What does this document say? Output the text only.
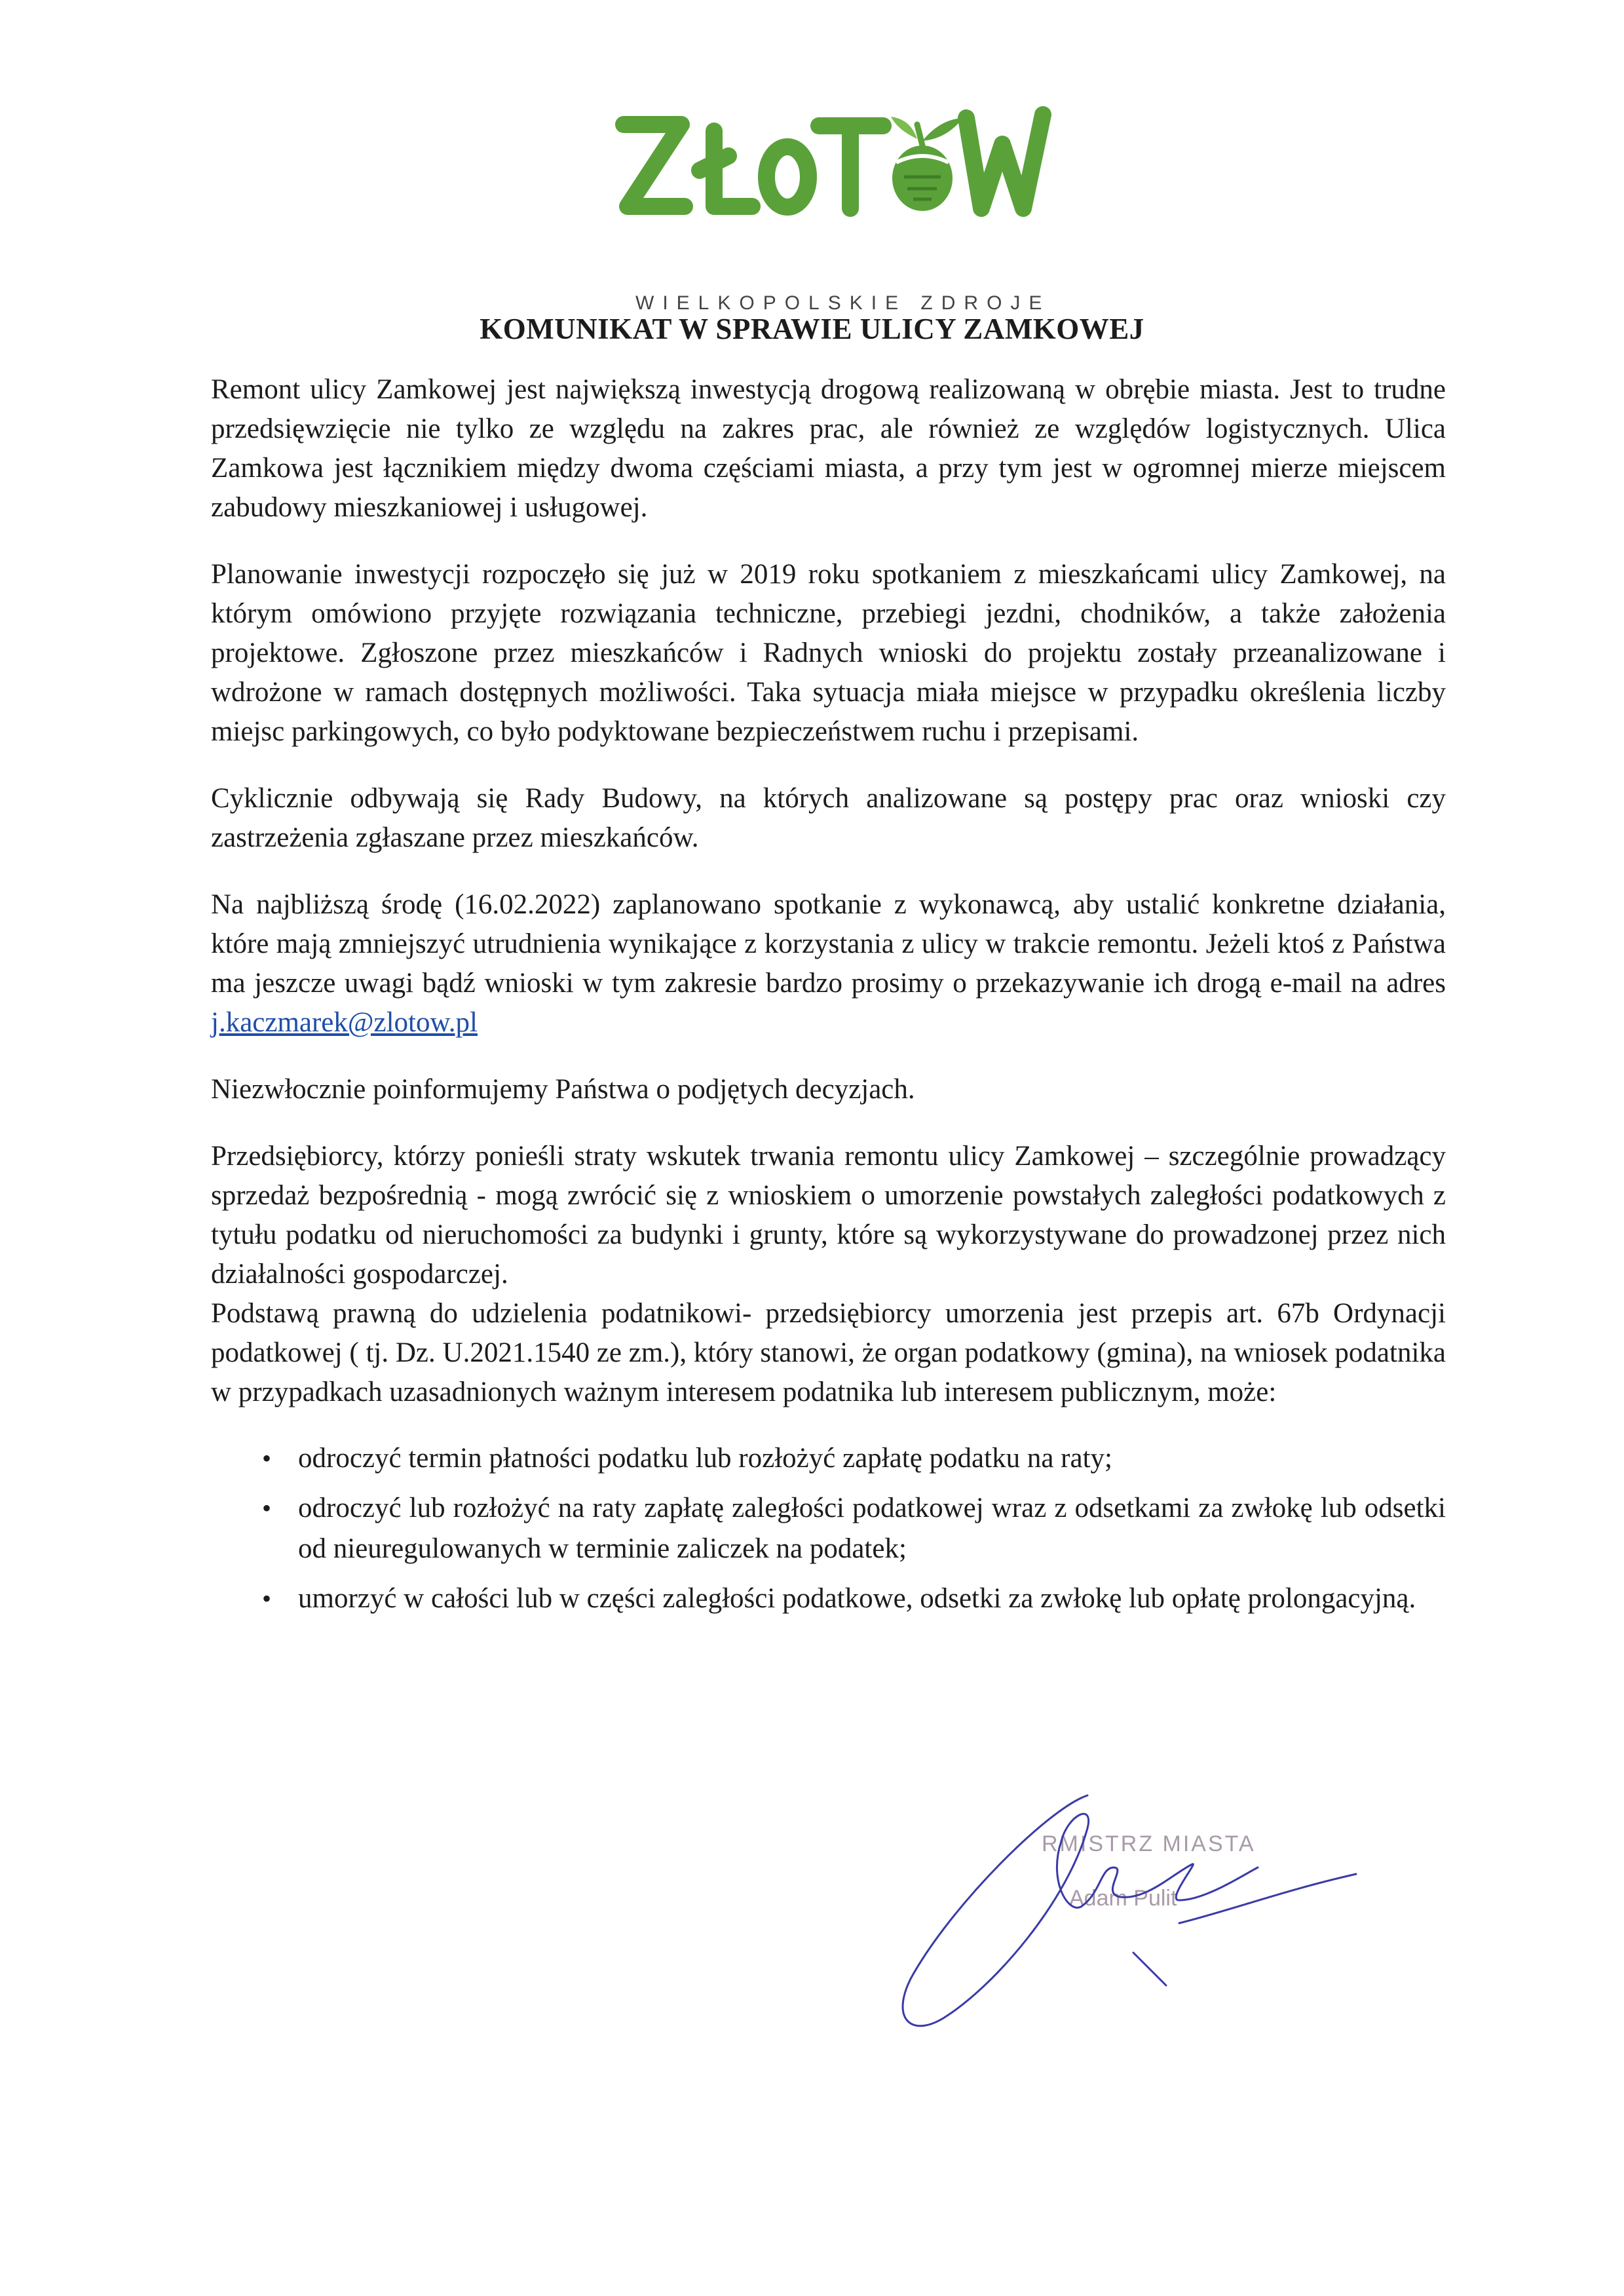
WIELKOPOLSKIE ZDROJE
KOMUNIKAT W SPRAWIE ULICY ZAMKOWEJ

Remont ulicy Zamkowej jest największą inwestycją drogową realizowaną w obrębie miasta. Jest to trudne przedsięwzięcie nie tylko ze względu na zakres prac, ale również ze względów logistycznych. Ulica Zamkowa jest łącznikiem między dwoma częściami miasta, a przy tym jest w ogromnej mierze miejscem zabudowy mieszkaniowej i usługowej.

Planowanie inwestycji rozpoczęło się już w 2019 roku spotkaniem z mieszkańcami ulicy Zamkowej, na którym omówiono przyjęte rozwiązania techniczne, przebiegi jezdni, chodników, a także założenia projektowe. Zgłoszone przez mieszkańców i Radnych wnioski do projektu zostały przeanalizowane i wdrożone w ramach dostępnych możliwości. Taka sytuacja miała miejsce w przypadku określenia liczby miejsc parkingowych, co było podyktowane bezpieczeństwem ruchu i przepisami.

Cyklicznie odbywają się Rady Budowy, na których analizowane są postępy prac oraz wnioski czy zastrzeżenia zgłaszane przez mieszkańców.

Na najbliższą środę (16.02.2022) zaplanowano spotkanie z wykonawcą, aby ustalić konkretne działania, które mają zmniejszyć utrudnienia wynikające z korzystania z ulicy w trakcie remontu. Jeżeli ktoś z Państwa ma jeszcze uwagi bądź wnioski w tym zakresie bardzo prosimy o przekazywanie ich drogą e-mail na adres j.kaczmarek@zlotow.pl

Niezwłocznie poinformujemy Państwa o podjętych decyzjach.

Przedsiębiorcy, którzy ponieśli straty wskutek trwania remontu ulicy Zamkowej – szczególnie prowadzący sprzedaż bezpośrednią - mogą zwrócić się z wnioskiem o umorzenie powstałych zaległości podatkowych z tytułu podatku od nieruchomości za budynki i grunty, które są wykorzystywane do prowadzonej przez nich działalności gospodarczej.

Podstawą prawną do udzielenia podatnikowi- przedsiębiorcy umorzenia jest przepis art. 67b Ordynacji podatkowej ( tj. Dz. U.2021.1540 ze zm.), który stanowi, że organ podatkowy (gmina), na wniosek podatnika w przypadkach uzasadnionych ważnym interesem podatnika lub interesem publicznym, może:

• odroczyć termin płatności podatku lub rozłożyć zapłatę podatku na raty;
• odroczyć lub rozłożyć na raty zapłatę zaległości podatkowej wraz z odsetkami za zwłokę lub odsetki od nieuregulowanych w terminie zaliczek na podatek;
• umorzyć w całości lub w części zaległości podatkowe, odsetki za zwłokę lub opłatę prolongacyjną.
RMISTRZ MIASTA
Adam Pulit
